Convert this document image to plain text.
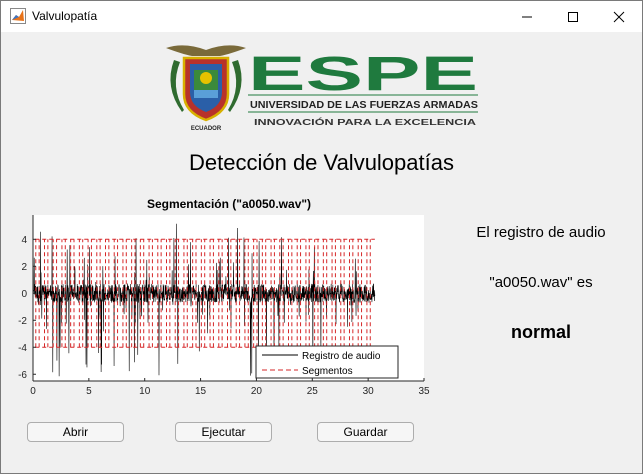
Valvulopatía
ECUADOR
ESPE
UNIVERSIDAD DE LAS FUERZAS ARMADAS
INNOVACIÓN PARA LA EXCELENCIA
Detección de Valvulopatías
Segmentación ("a0050.wav")
0	5	10	15	20	25	30	35
4
2
0
-2
-4
-6
Registro de audio
Segmentos
El registro de audio
"a0050.wav" es
normal
Abrir	Ejecutar	Guardar
